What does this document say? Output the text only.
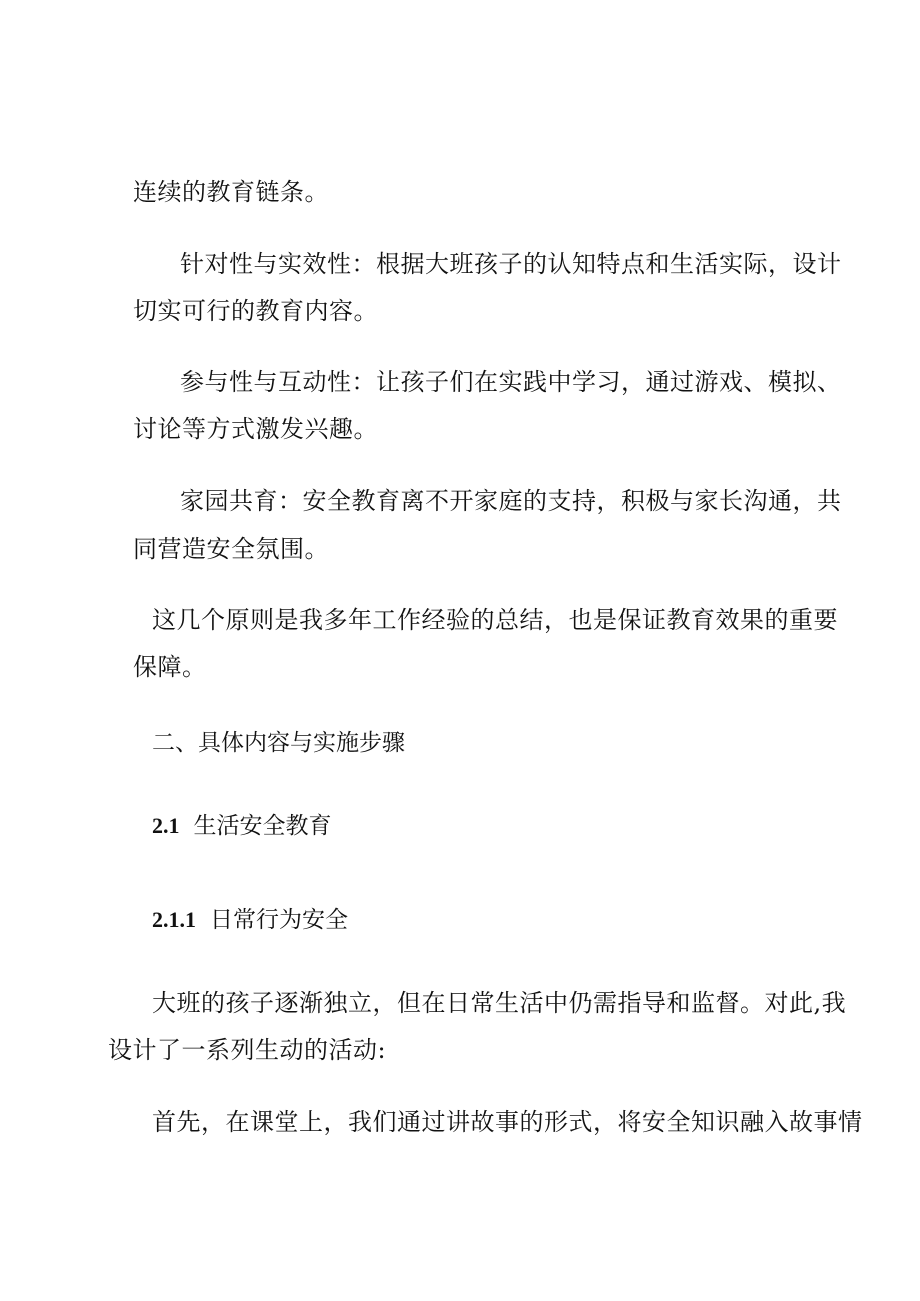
连续的教育链条。
针对性与实效性：根据大班孩子的认知特点和生活实际，设计
切实可行的教育内容。
参与性与互动性：让孩子们在实践中学习，通过游戏、模拟、
讨论等方式激发兴趣。
家园共育：安全教育离不开家庭的支持，积极与家长沟通，共
同营造安全氛围。
这几个原则是我多年工作经验的总结，也是保证教育效果的重要
保障。
二、具体内容与实施步骤
2.1 生活安全教育
2.1.1 日常行为安全
大班的孩子逐渐独立，但在日常生活中仍需指导和监督。对此,我
设计了一系列生动的活动:
首先，在课堂上，我们通过讲故事的形式，将安全知识融入故事情
